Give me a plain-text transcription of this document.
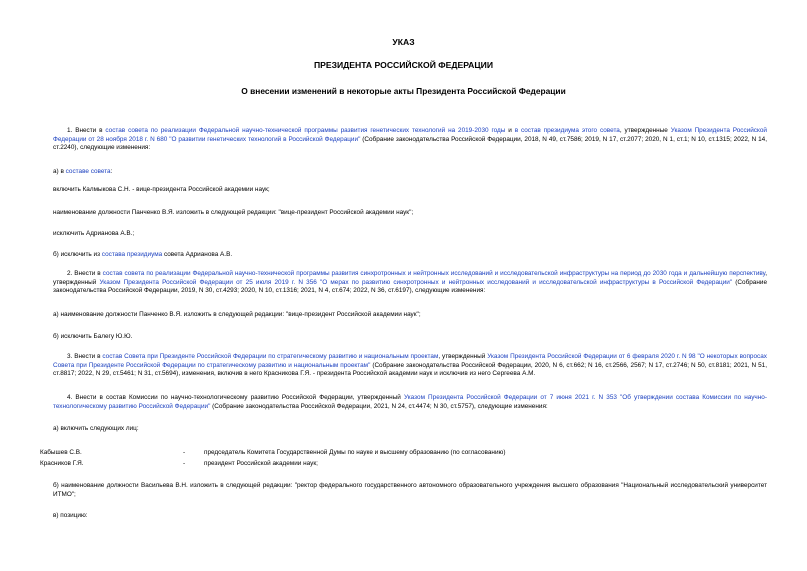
УКАЗ
ПРЕЗИДЕНТА РОССИЙСКОЙ ФЕДЕРАЦИИ
О внесении изменений в некоторые акты Президента Российской Федерации
1. Внести в состав совета по реализации Федеральной научно-технической программы развития генетических технологий на 2019-2030 годы и в состав президиума этого совета, утвержденные Указом Президента Российской Федерации от 28 ноября 2018 г. N 680 "О развитии генетических технологий в Российской Федерации" (Собрание законодательства Российской Федерации, 2018, N 49, ст.7586; 2019, N 17, ст.2077; 2020, N 1, ст.1; N 10, ст.1315; 2022, N 14, ст.2240), следующие изменения:
а) в составе совета:
включить Калмыкова С.Н. - вице-президента Российской академии наук;
наименование должности Панченко В.Я. изложить в следующей редакции: "вице-президент Российской академии наук";
исключить Адрианова А.В.;
б) исключить из состава президиума совета Адрианова А.В.
2. Внести в состав совета по реализации Федеральной научно-технической программы развития синхротронных и нейтронных исследований и исследовательской инфраструктуры на период до 2030 года и дальнейшую перспективу, утвержденный Указом Президента Российской Федерации от 25 июля 2019 г. N 356 "О мерах по развитию синхротронных и нейтронных исследований и исследовательской инфраструктуры в Российской Федерации" (Собрание законодательства Российской Федерации, 2019, N 30, ст.4293; 2020, N 10, ст.1316; 2021, N 4, ст.674; 2022, N 36, ст.6197), следующие изменения:
а) наименование должности Панченко В.Я. изложить в следующей редакции: "вице-президент Российской академии наук";
б) исключить Балегу Ю.Ю.
3. Внести в состав Совета при Президенте Российской Федерации по стратегическому развитию и национальным проектам, утвержденный Указом Президента Российской Федерации от 6 февраля 2020 г. N 98 "О некоторых вопросах Совета при Президенте Российской Федерации по стратегическому развитию и национальным проектам" (Собрание законодательства Российской Федерации, 2020, N 6, ст.662; N 16, ст.2566, 2567; N 17, ст.2746; N 50, ст.8181; 2021, N 51, ст.8817; 2022, N 29, ст.5461; N 31, ст.5694), изменения, включив в него Красникова Г.Я. - президента Российской академии наук и исключив из него Сергеева А.М.
4. Внести в состав Комиссии по научно-технологическому развитию Российской Федерации, утвержденный Указом Президента Российской Федерации от 7 июня 2021 г. N 353 "Об утверждении состава Комиссии по научно-технологическому развитию Российской Федерации" (Собрание законодательства Российской Федерации, 2021, N 24, ст.4474; N 30, ст.5757), следующие изменения:
а) включить следующих лиц:
Кабышев С.В.	-	председатель Комитета Государственной Думы по науке и высшему образованию (по согласованию)
Красников Г.Я.	-	президент Российской академии наук;
б) наименование должности Васильева В.Н. изложить в следующей редакции: "ректор федерального государственного автономного образовательного учреждения высшего образования "Национальный исследовательский университет ИТМО";
в) позицию:
